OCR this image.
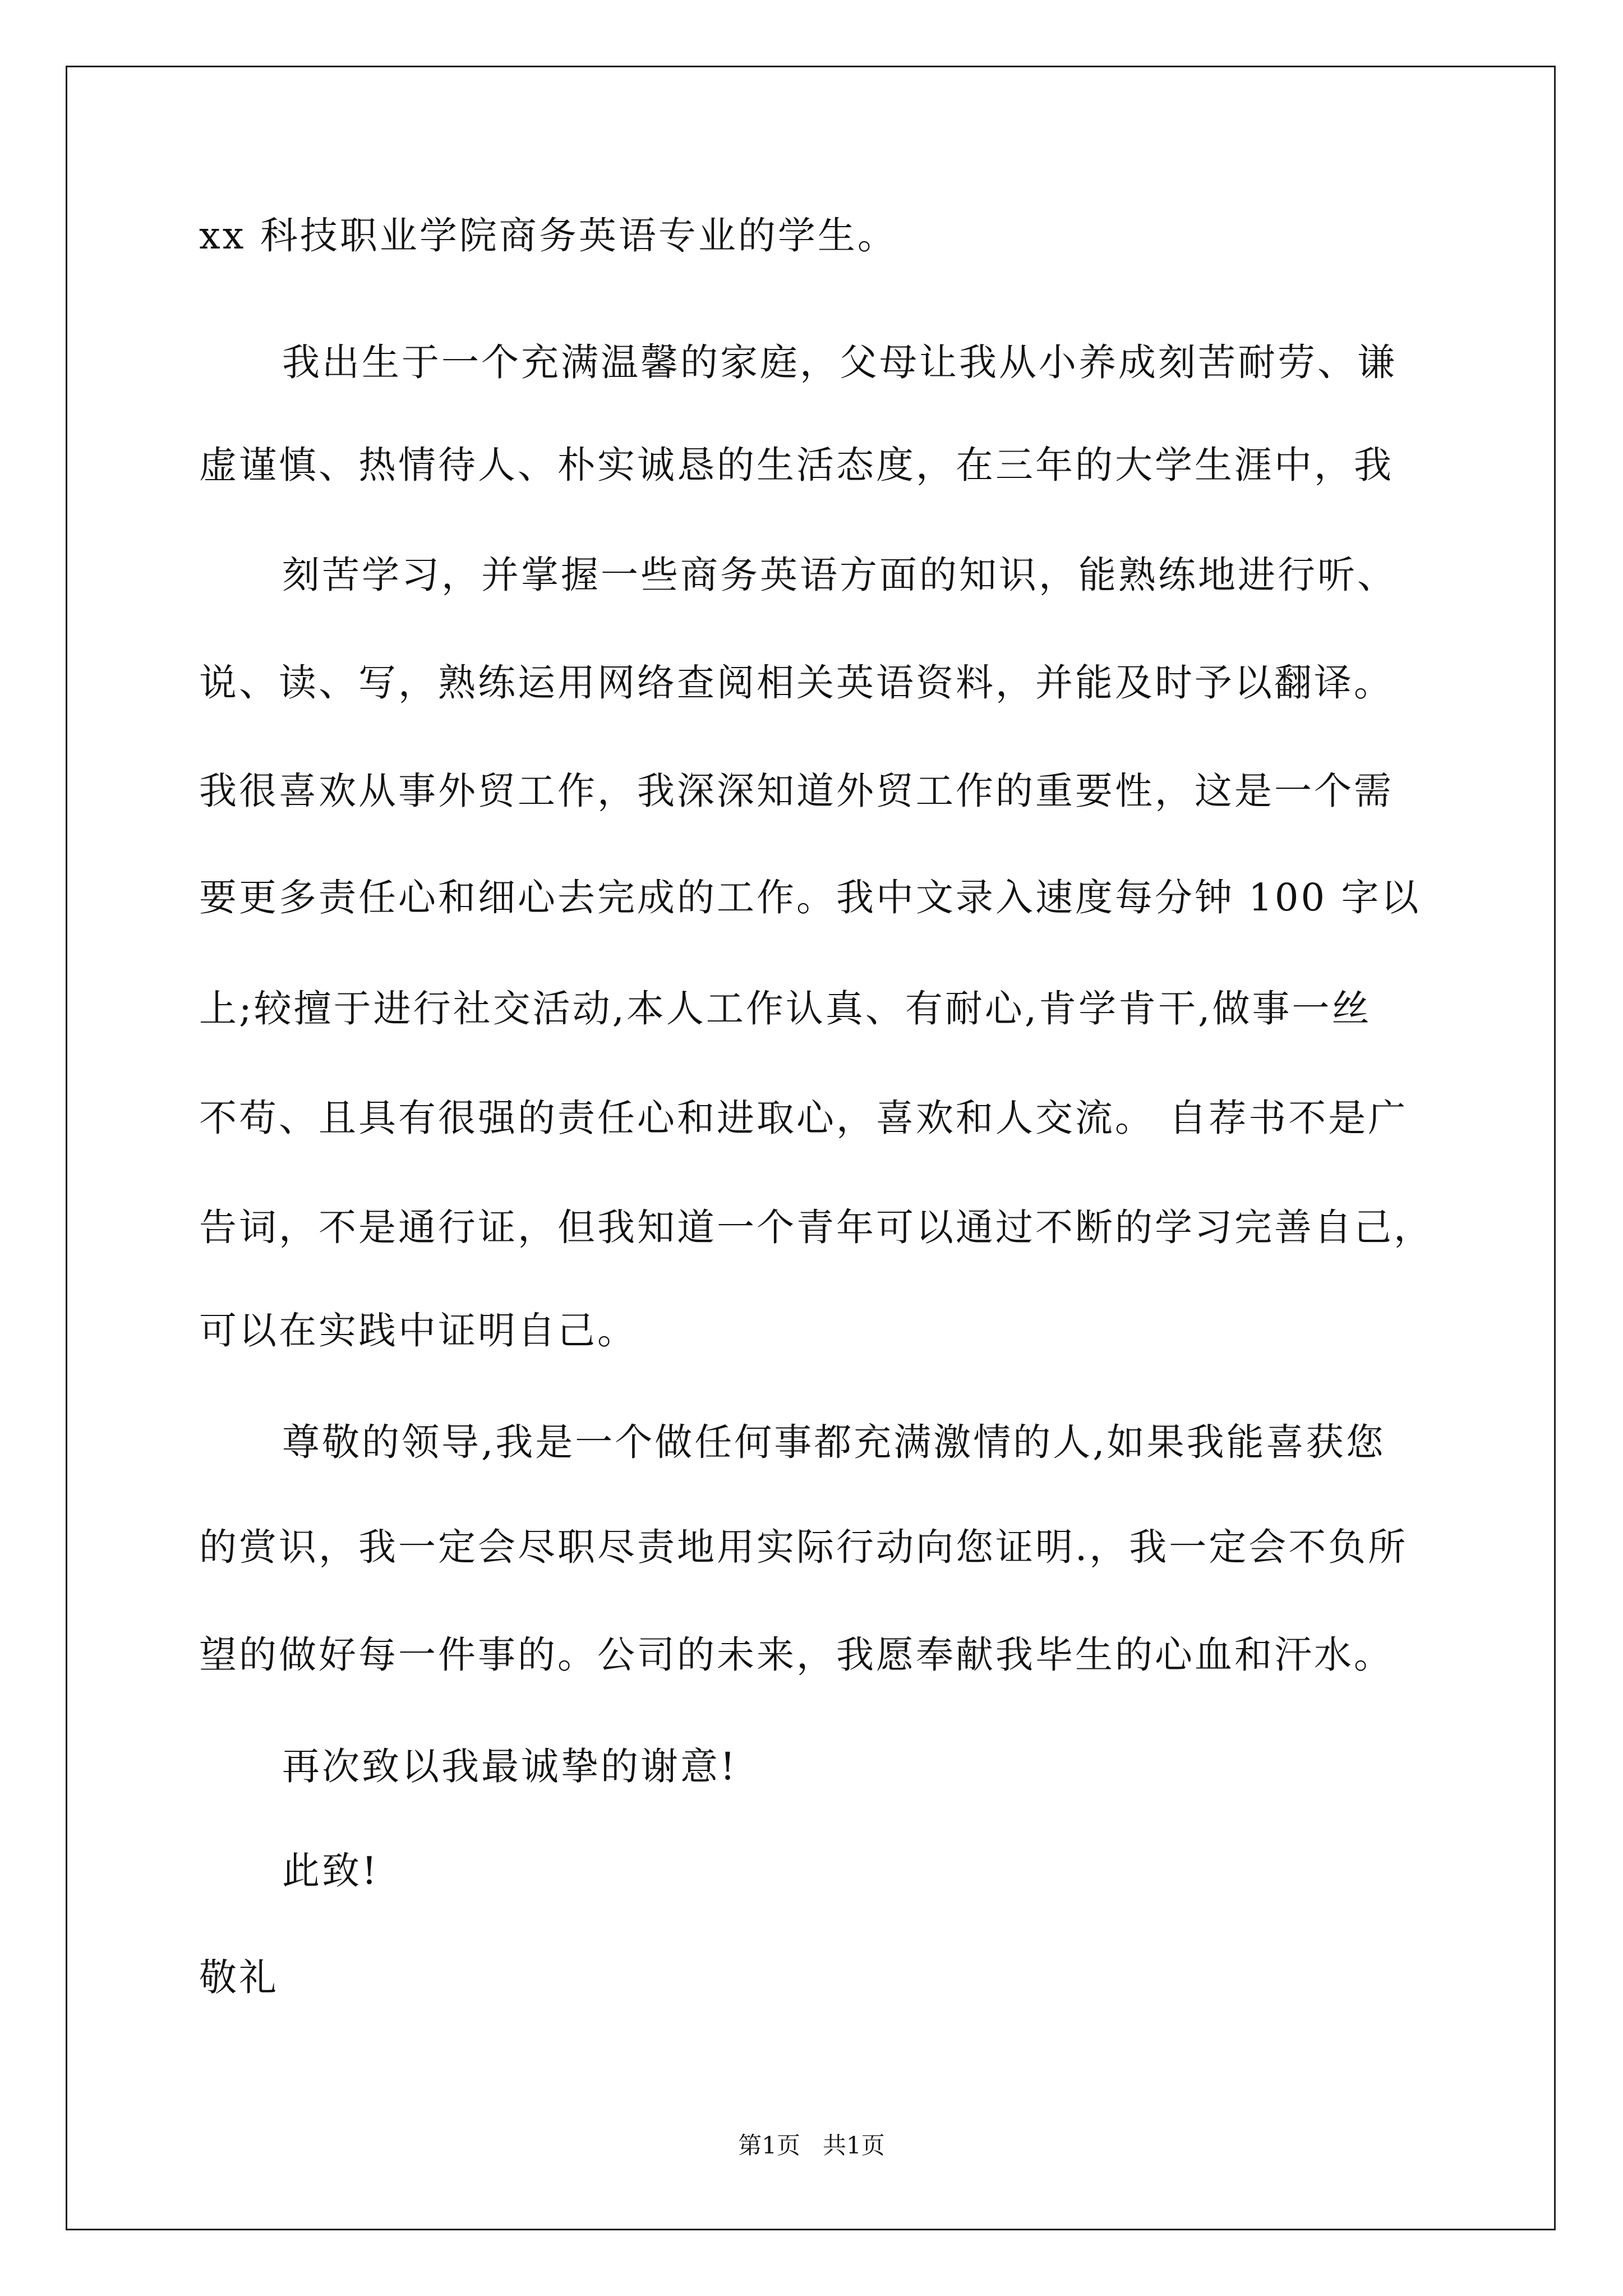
xx 科技职业学院商务英语专业的学生。
我出生于一个充满温馨的家庭，父母让我从小养成刻苦耐劳、谦
虚谨慎、热情待人、朴实诚恳的生活态度，在三年的大学生涯中，我
刻苦学习，并掌握一些商务英语方面的知识，能熟练地进行听、
说、读、写，熟练运用网络查阅相关英语资料，并能及时予以翻译。
我很喜欢从事外贸工作，我深深知道外贸工作的重要性，这是一个需
要更多责任心和细心去完成的工作。我中文录入速度每分钟 100 字以
上;较擅于进行社交活动,本人工作认真、有耐心,肯学肯干,做事一丝
不苟、且具有很强的责任心和进取心，喜欢和人交流。 自荐书不是广
告词，不是通行证，但我知道一个青年可以通过不断的学习完善自己，
可以在实践中证明自己。
尊敬的领导,我是一个做任何事都充满激情的人,如果我能喜获您
的赏识，我一定会尽职尽责地用实际行动向您证明.，我一定会不负所
望的做好每一件事的。公司的未来，我愿奉献我毕生的心血和汗水。
再次致以我最诚挚的谢意!
此致!
敬礼
第1页   共1页
